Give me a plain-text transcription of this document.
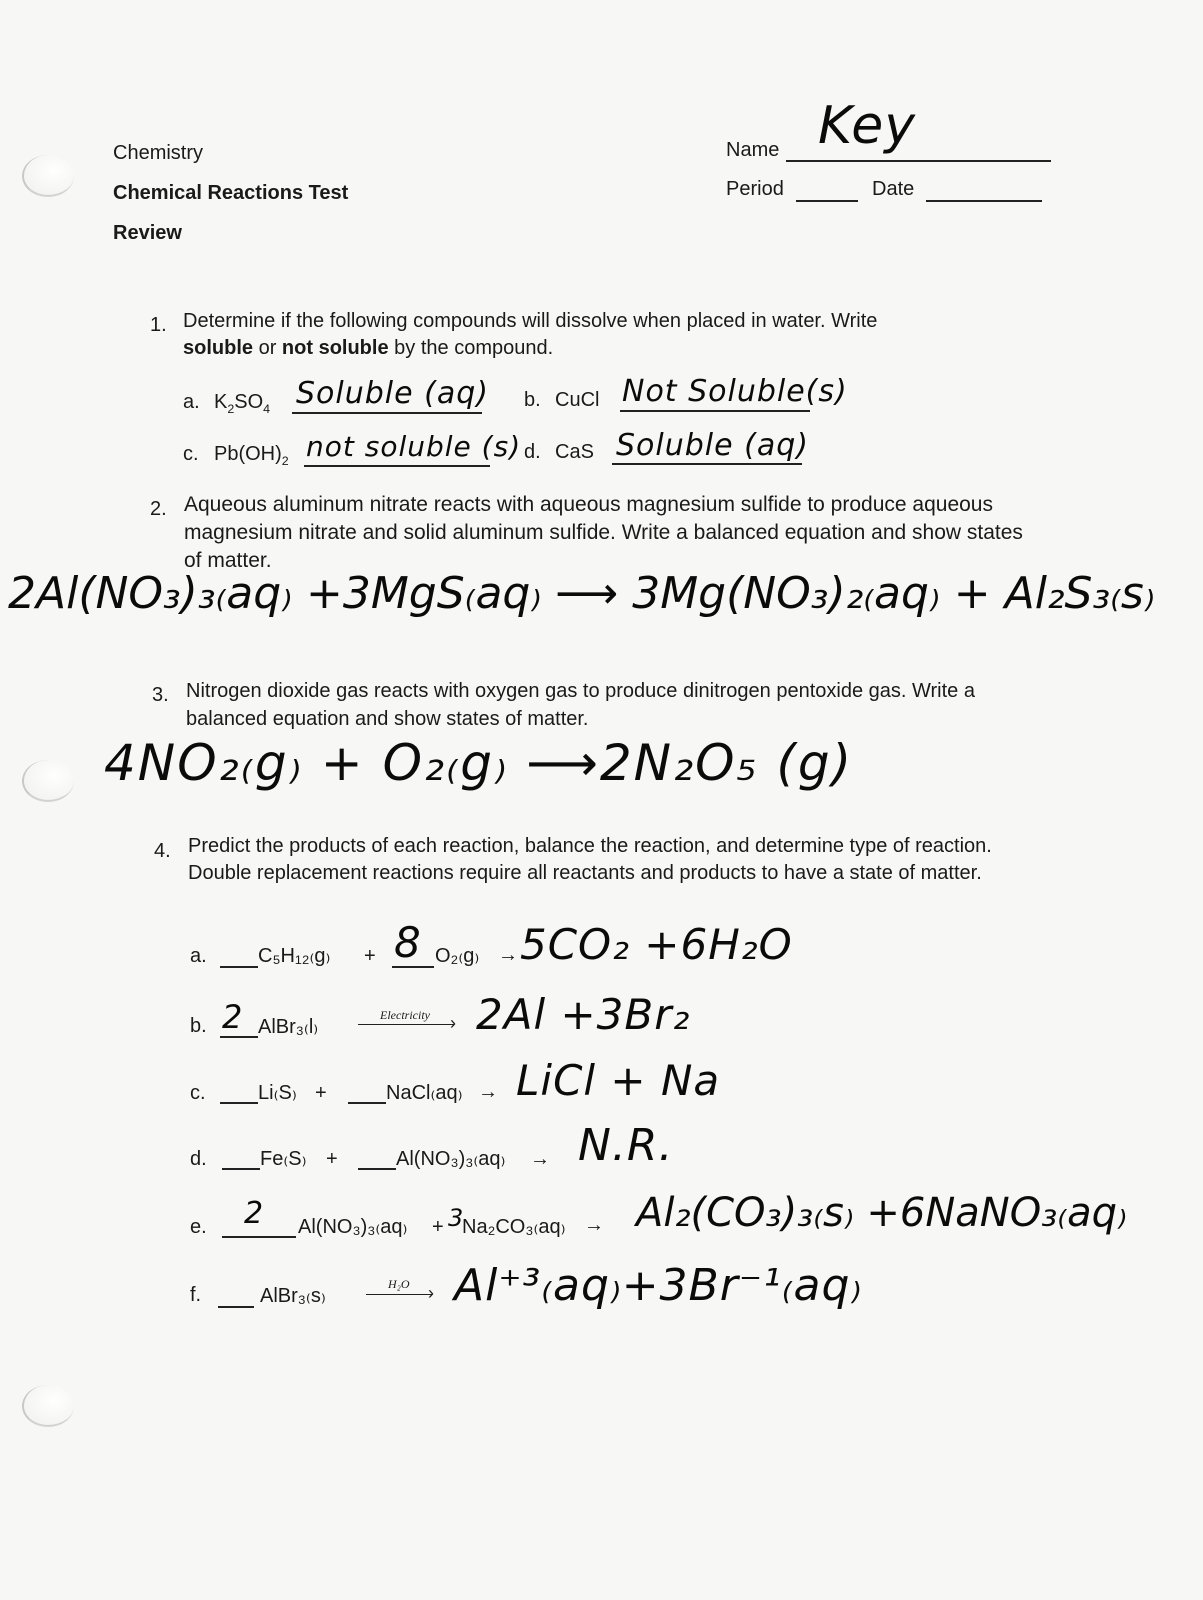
Chemistry
Chemical Reactions Test
Review
Name Key
Period	Date
1. Determine if the following compounds will dissolve when placed in water. Write
soluble or not soluble by the compound.
a. $K_2SO_4$ Soluble (aq) b. CuCl Not Soluble(s)
c. $Pb(OH)_2$ not soluble (s) d. CaS Soluble (aq)
2. Aqueous aluminum nitrate reacts with aqueous magnesium sulfide to produce aqueous magnesium nitrate and solid aluminum sulfide. Write a balanced equation and show states of matter.
2Al(NO₃)₃₍aq₎ +3MgS₍aq₎ ⟶ 3Mg(NO₃)₂₍aq₎ + Al₂S₃₍s₎
3. Nitrogen dioxide gas reacts with oxygen gas to produce dinitrogen pentoxide gas. Write a balanced equation and show states of matter.
4NO₂₍g₎ + O₂₍g₎ ⟶2N₂O₅ (g)
4. Predict the products of each reaction, balance the reaction, and determine type of reaction. Double replacement reactions require all reactants and products to have a state of matter.
a.	C₅H₁₂₍g₎ + 8 O₂₍g₎ → 5CO₂ +6H₂O
b. 2 AlBr₃₍l₎
Electricity › 2Al +3Br₂
c.	Li₍S₎ +	NaCl₍aq₎ → LiCl + Na
d.	Fe₍S₎ +	Al(NO₃)₃₍aq₎ → N.R.
e. 2 Al(NO₃)₃₍aq₎ + 3
Na₂CO₃₍aq₎ → Al₂(CO₃)₃₍s₎ +6NaNO₃₍aq₎
f.	AlBr₃₍s₎
H₂O › Al⁺³₍aq₎+3Br⁻¹₍aq₎
